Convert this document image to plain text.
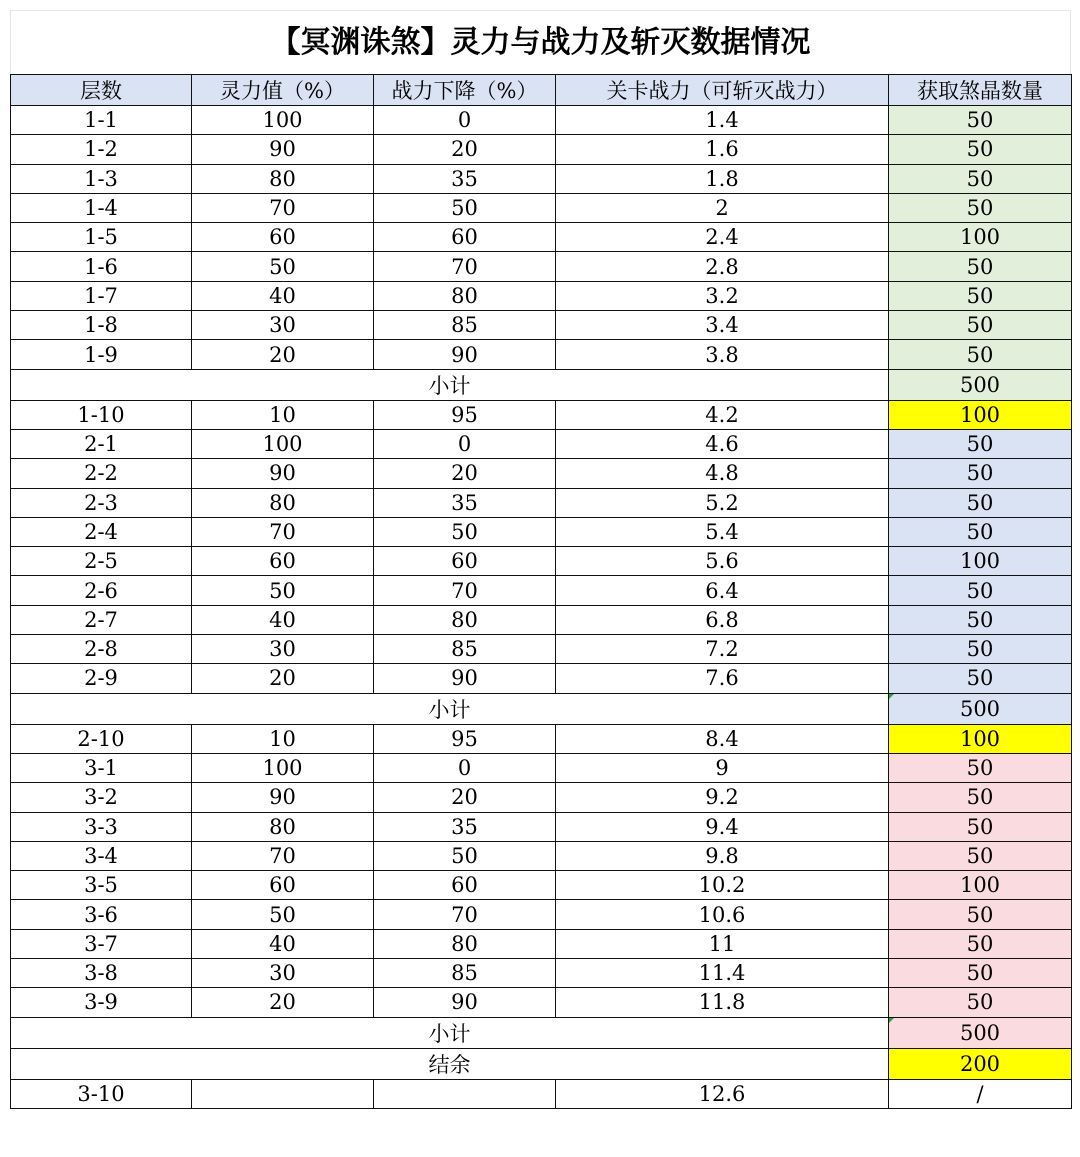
【冥渊诛煞】灵力与战力及斩灭数据情况
层数	灵力值（%）	战力下降（%）	关卡战力（可斩灭战力）	获取煞晶数量
1-1	100	0	1.4	50
1-2	90	20	1.6	50
1-3	80	35	1.8	50
1-4	70	50	2	50
1-5	60	60	2.4	100
1-6	50	70	2.8	50
1-7	40	80	3.2	50
1-8	30	85	3.4	50
1-9	20	90	3.8	50
小计				500
1-10	10	95	4.2	100
2-1	100	0	4.6	50
2-2	90	20	4.8	50
2-3	80	35	5.2	50
2-4	70	50	5.4	50
2-5	60	60	5.6	100
2-6	50	70	6.4	50
2-7	40	80	6.8	50
2-8	30	85	7.2	50
2-9	20	90	7.6	50
小计				500
2-10	10	95	8.4	100
3-1	100	0	9	50
3-2	90	20	9.2	50
3-3	80	35	9.4	50
3-4	70	50	9.8	50
3-5	60	60	10.2	100
3-6	50	70	10.6	50
3-7	40	80	11	50
3-8	30	85	11.4	50
3-9	20	90	11.8	50
小计				500
结余				200
3-10			12.6	/
